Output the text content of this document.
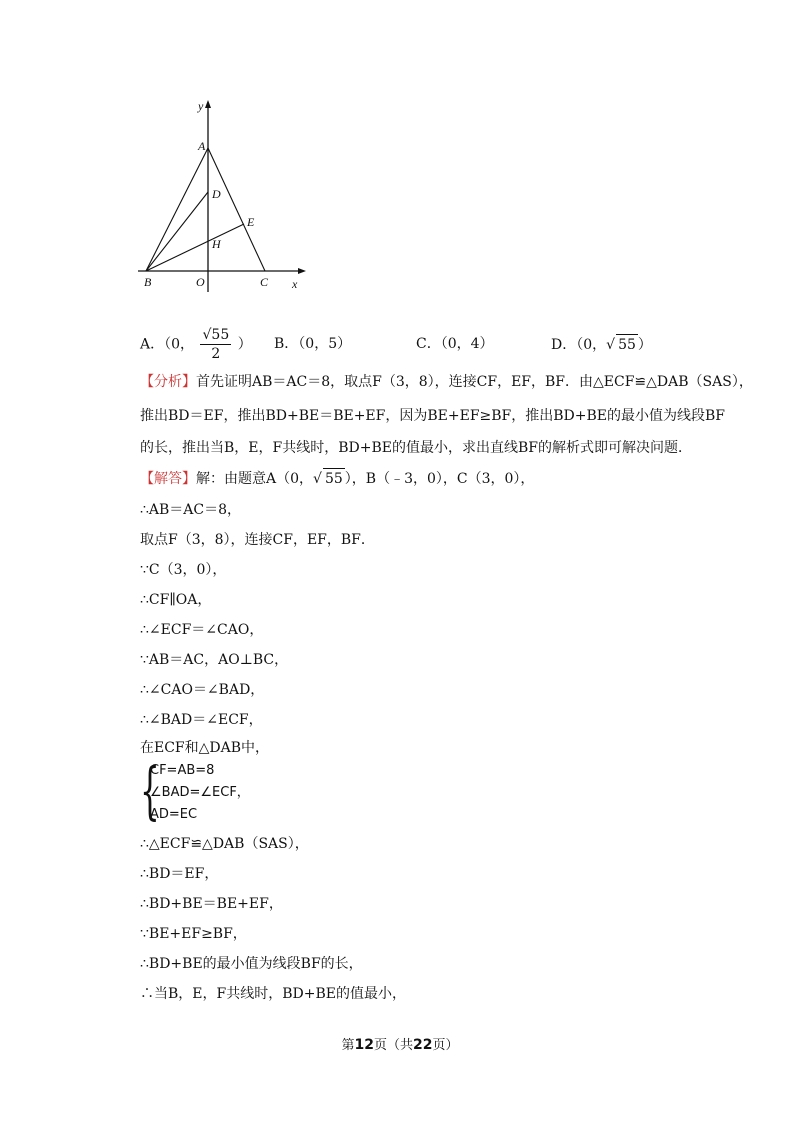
y
A
D
E
H
B	O	C x
A．（0， $\frac{√55}{2}$ ） B．（0，5）	C．（0，4）	D．（0，√ 55 ）
【分析】首先证明AB＝AC＝8，取点F（3，8），连接CF，EF，BF．由△ECF≌△DAB（SAS），
推出BD＝EF，推出BD+BE＝BE+EF，因为BE+EF≥BF，推出BD+BE的最小值为线段BF
的长，推出当B，E，F共线时，BD+BE的值最小，求出直线BF的解析式即可解决问题．
【解答】解：由题意A（0，√ 55 ），B（﹣3，0），C（3，0），
∴AB＝AC＝8，
取点F（3，8），连接CF，EF，BF．
∵C（3，0），
∴CF∥OA，
∴∠ECF＝∠CAO，
∵AB＝AC，AO⊥BC，
∴∠CAO＝∠BAD，
∴∠BAD＝∠ECF，
在ECF和△DAB中，
{
CF=AB=8
∠BAD=∠ECF，
AD=EC
∴△ECF≌△DAB（SAS），
∴BD＝EF，
∴BD+BE＝BE+EF，
∵BE+EF≥BF，
∴BD+BE的最小值为线段BF的长，
∴当B，E，F共线时，BD+BE的值最小，
第12页（共22页）
